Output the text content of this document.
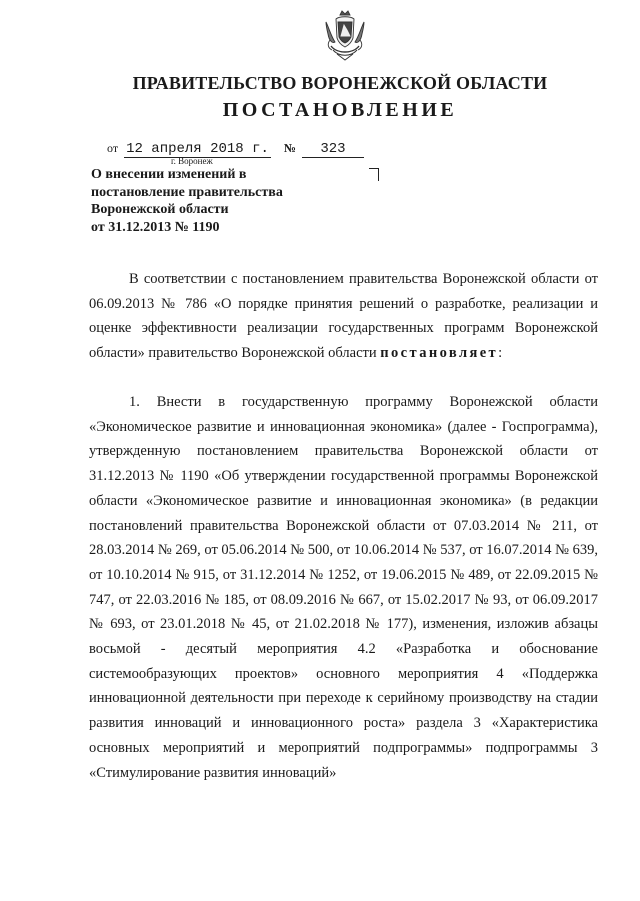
ПРАВИТЕЛЬСТВО ВОРОНЕЖСКОЙ ОБЛАСТИ
ПОСТАНОВЛЕНИЕ
от 12 апреля 2018 г. № 323
г. Воронеж
О внесении изменений в
постановление правительства
Воронежской области
от 31.12.2013 № 1190

В соответствии с постановлением правительства Воронежской области от 06.09.2013 № 786 «О порядке принятия решений о разработке, реализации и оценке эффективности реализации государственных программ Воронежской области» правительство Воронежской области постановляет:

1. Внести в государственную программу Воронежской области «Экономическое развитие и инновационная экономика» (далее - Госпрограмма), утвержденную постановлением правительства Воронежской области от 31.12.2013 № 1190 «Об утверждении государственной программы Воронежской области «Экономическое развитие и инновационная экономика» (в редакции постановлений правительства Воронежской области от 07.03.2014 № 211, от 28.03.2014 № 269, от 05.06.2014 № 500, от 10.06.2014 № 537, от 16.07.2014 № 639, от 10.10.2014 № 915, от 31.12.2014 № 1252, от 19.06.2015 № 489, от 22.09.2015 № 747, от 22.03.2016 № 185, от 08.09.2016 № 667, от 15.02.2017 № 93, от 06.09.2017 № 693, от 23.01.2018 № 45, от 21.02.2018 № 177), изменения, изложив абзацы восьмой - десятый мероприятия 4.2 «Разработка и обоснование системообразующих проектов» основного мероприятия 4 «Поддержка инновационной деятельности при переходе к серийному производству на стадии развития инноваций и инновационного роста» раздела 3 «Характеристика основных мероприятий и мероприятий подпрограммы» подпрограммы 3 «Стимулирование развития инноваций»
